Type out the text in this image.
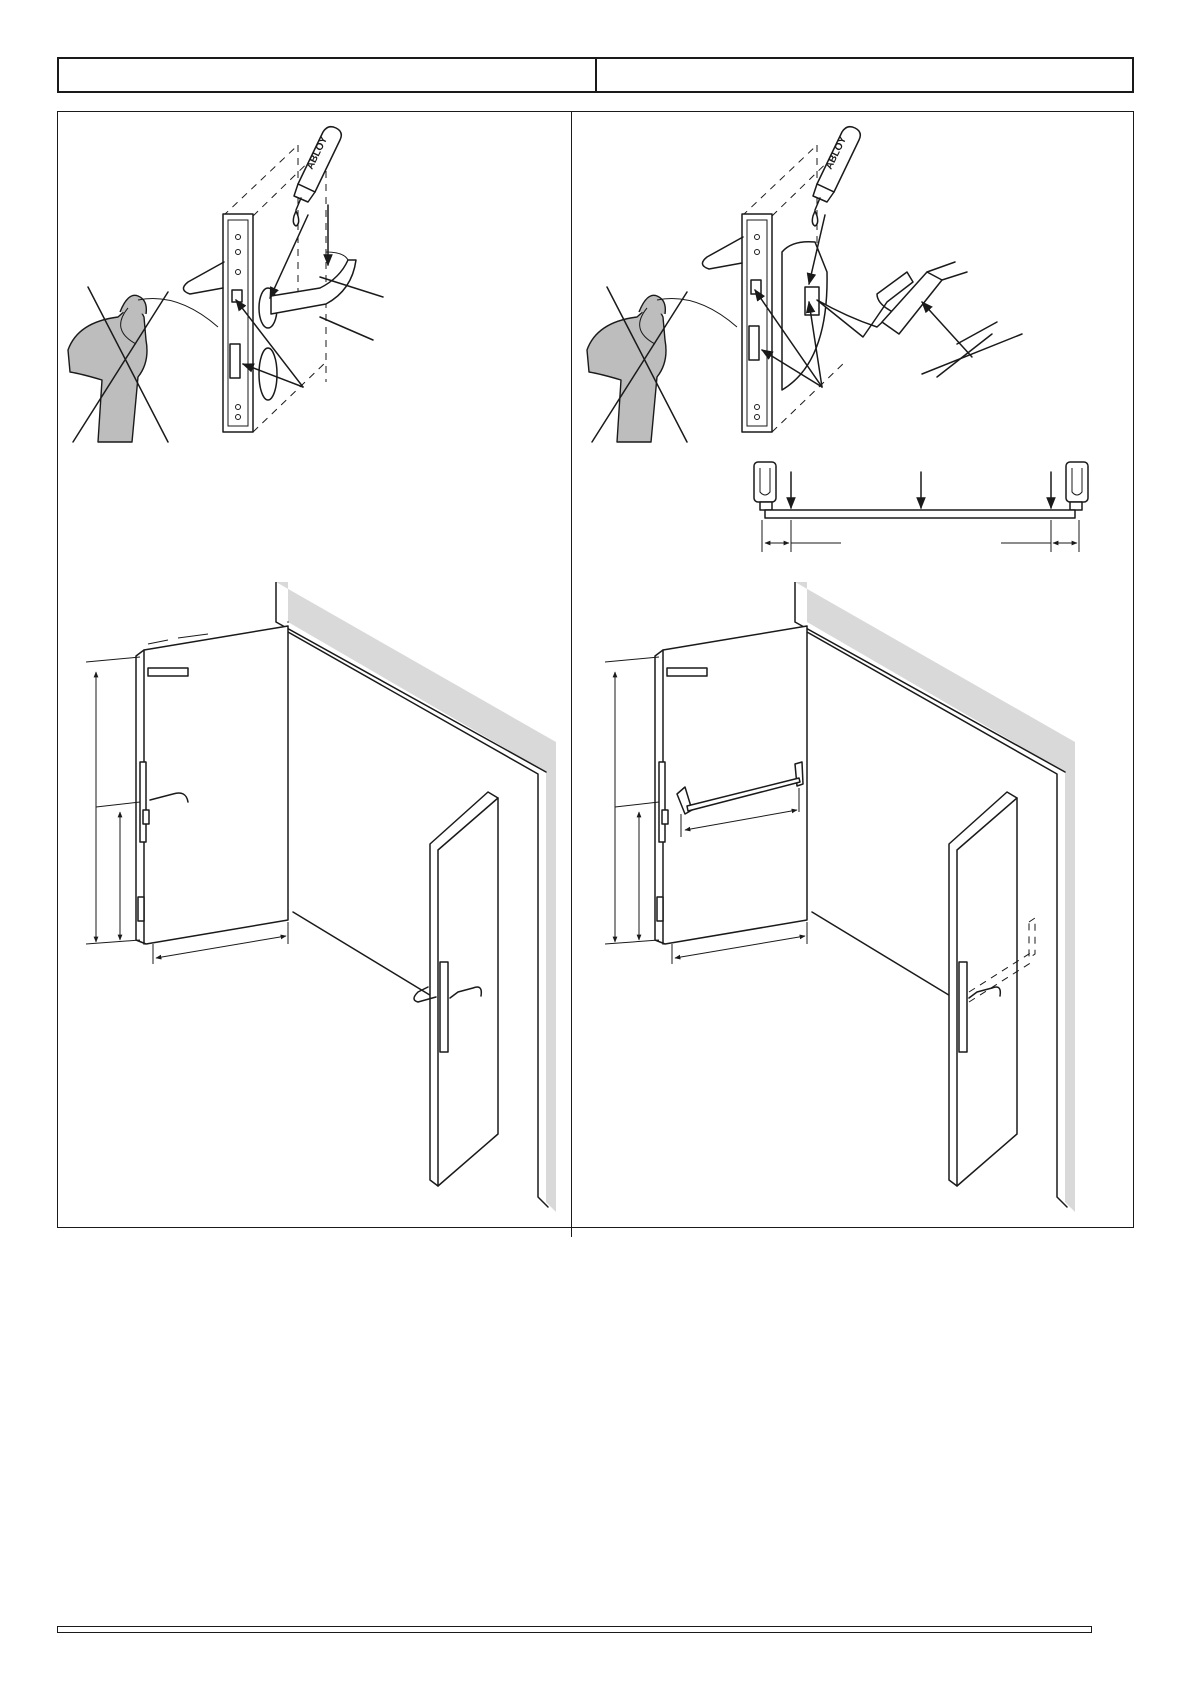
ABLOY	ABLOY
